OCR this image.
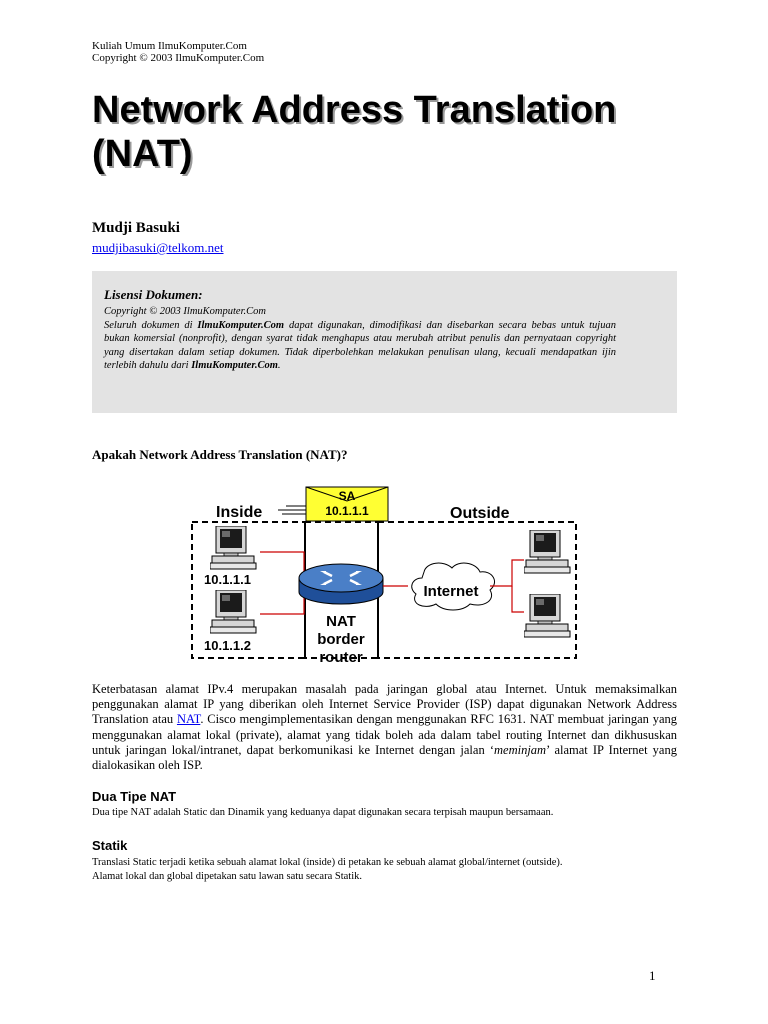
Kuliah Umum IlmuKomputer.Com
Copyright © 2003 IlmuKomputer.Com
Network Address Translation (NAT)
Mudji Basuki
mudjibasuki@telkom.net
Lisensi Dokumen:
Copyright © 2003 IlmuKomputer.Com
Seluruh dokumen di IlmuKomputer.Com dapat digunakan, dimodifikasi dan disebarkan secara bebas untuk tujuan bukan komersial (nonprofit), dengan syarat tidak menghapus atau merubah atribut penulis dan pernyataan copyright yang disertakan dalam setiap dokumen. Tidak diperbolehkan melakukan penulisan ulang, kecuali mendapatkan ijin terlebih dahulu dari IlmuKomputer.Com.
Apakah Network Address Translation (NAT)?
SA
10.1.1.1
Inside	Outside
10.1.1.1
10.1.1.2
NAT
border
router
Internet
Keterbatasan alamat IPv.4 merupakan masalah pada jaringan global atau Internet. Untuk memaksimalkan penggunakan alamat IP yang diberikan oleh Internet Service Provider (ISP) dapat digunakan Network Address Translation atau NAT. Cisco mengimplementasikan dengan menggunakan RFC 1631. NAT membuat jaringan yang menggunakan alamat lokal (private), alamat yang tidak boleh ada dalam tabel routing Internet dan dikhususkan untuk jaringan lokal/intranet, dapat berkomunikasi ke Internet dengan jalan ‘meminjam’ alamat IP Internet yang dialokasikan oleh ISP.
Dua Tipe NAT
Dua tipe NAT adalah Static dan Dinamik yang keduanya dapat digunakan secara terpisah maupun bersamaan.
Statik
Translasi Static terjadi ketika sebuah alamat lokal (inside) di petakan ke sebuah alamat global/internet (outside).
Alamat lokal dan global dipetakan satu lawan satu secara Statik.
1
